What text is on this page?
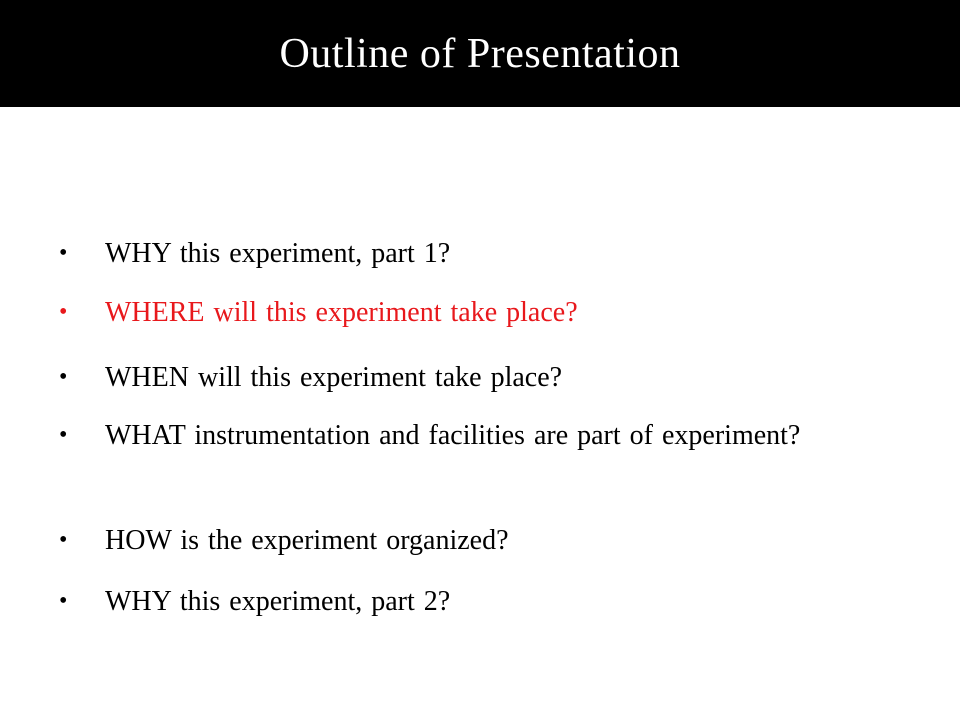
Outline of Presentation
•	WHY this experiment, part 1?
•	WHERE will this experiment take place?
•	WHEN will this experiment take place?
•	WHAT instrumentation and facilities are part of experiment?
•	HOW is the experiment organized?
•	WHY this experiment, part 2?
